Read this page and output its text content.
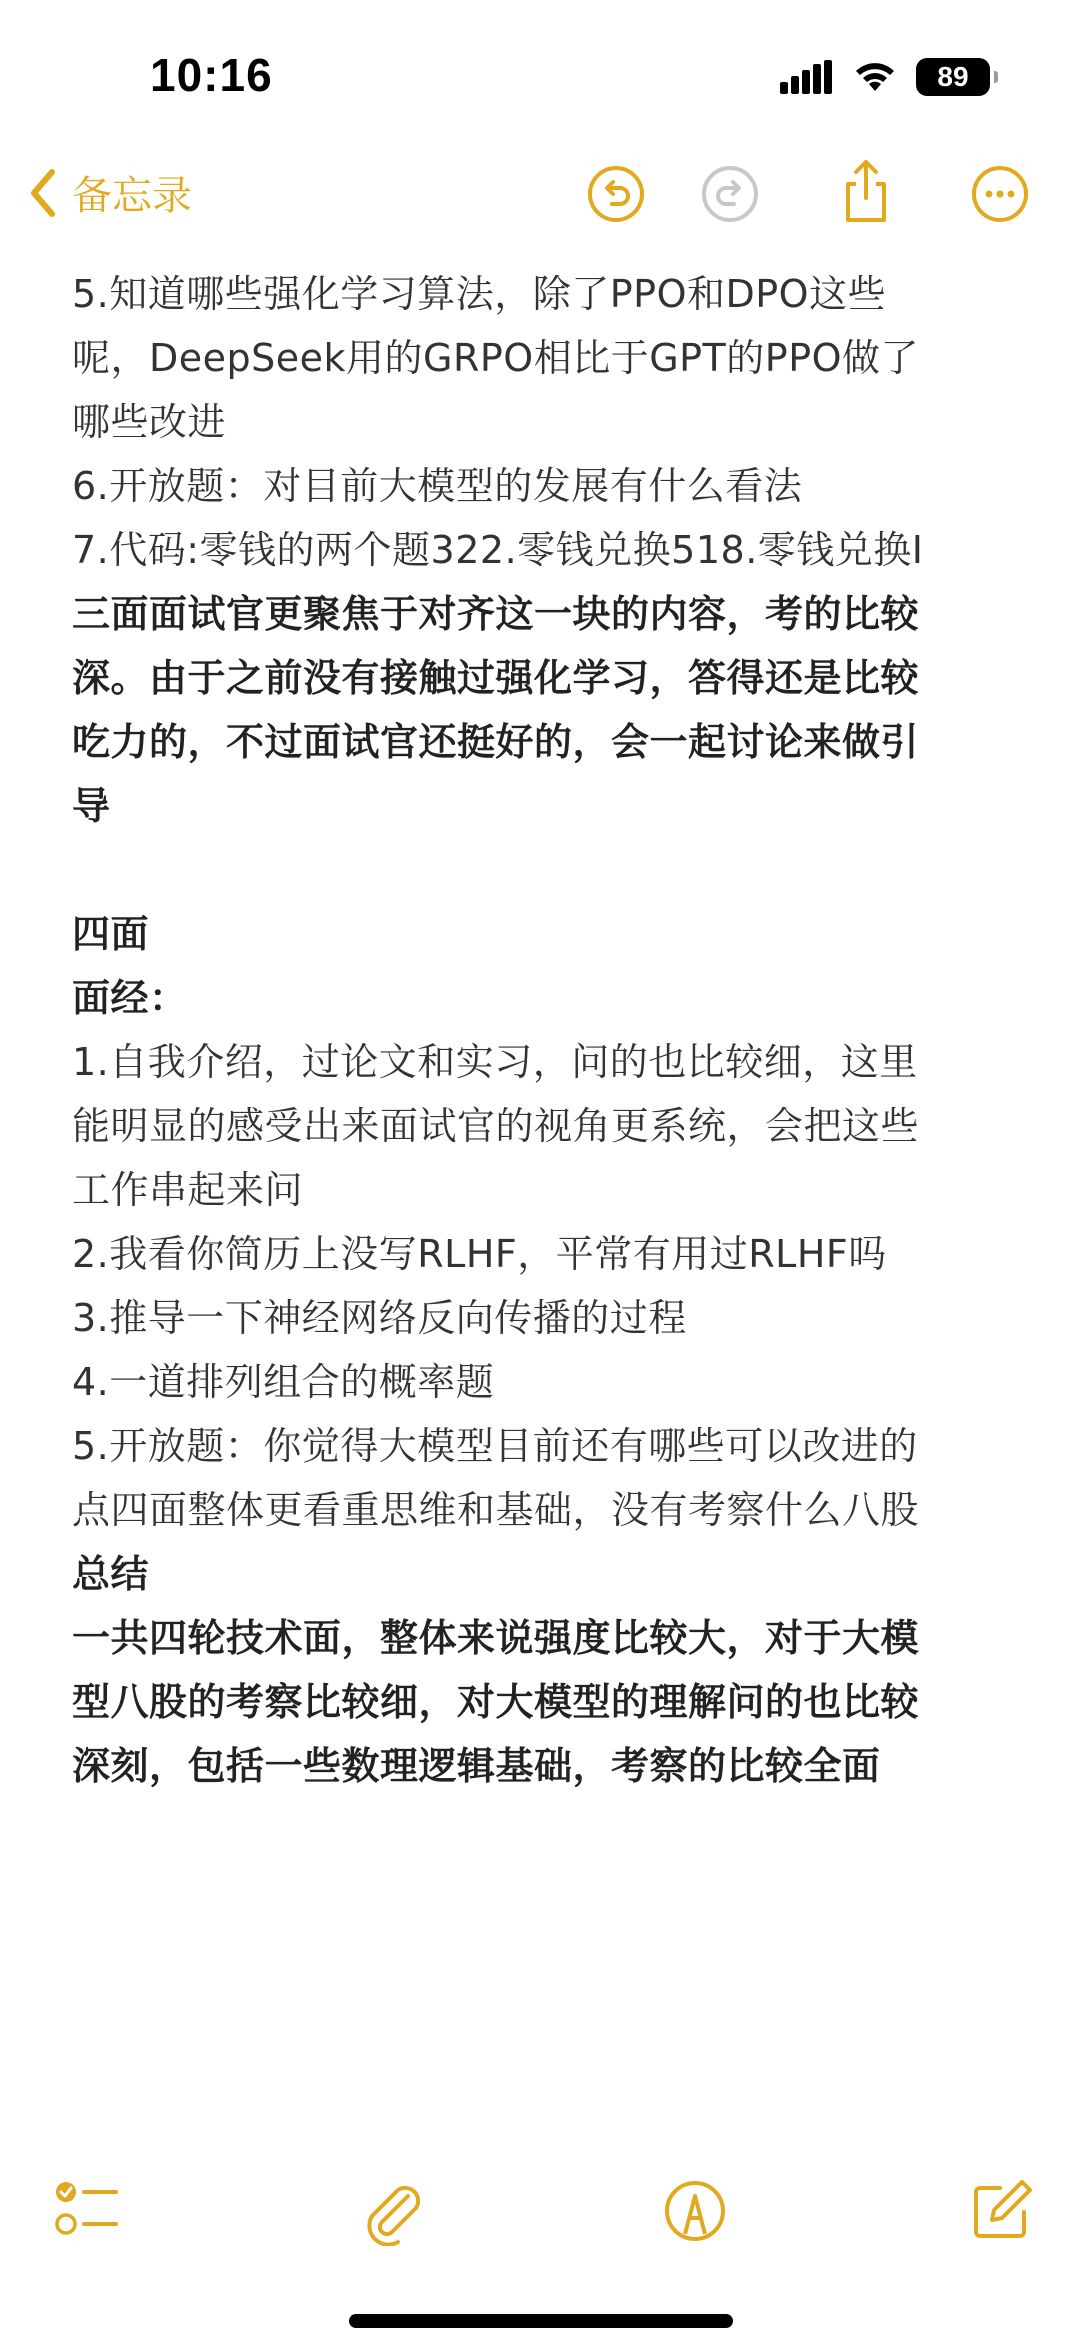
10:16	89
备忘录
5.知道哪些强化学习算法，除了PPO和DPO这些
呢，DeepSeek用的GRPO相比于GPT的PPO做了
哪些改进
6.开放题：对目前大模型的发展有什么看法
7.代码:零钱的两个题322.零钱兑换518.零钱兑换Ⅰ
三面面试官更聚焦于对齐这一块的内容，考的比较
深。由于之前没有接触过强化学习，答得还是比较
吃力的，不过面试官还挺好的，会一起讨论来做引
导
四面
面经：
1.自我介绍，过论文和实习，问的也比较细，这里
能明显的感受出来面试官的视角更系统，会把这些
工作串起来问
2.我看你简历上没写RLHF，平常有用过RLHF吗
3.推导一下神经网络反向传播的过程
4.一道排列组合的概率题
5.开放题：你觉得大模型目前还有哪些可以改进的
点四面整体更看重思维和基础，没有考察什么八股
总结
一共四轮技术面，整体来说强度比较大，对于大模
型八股的考察比较细，对大模型的理解问的也比较
深刻，包括一些数理逻辑基础，考察的比较全面
